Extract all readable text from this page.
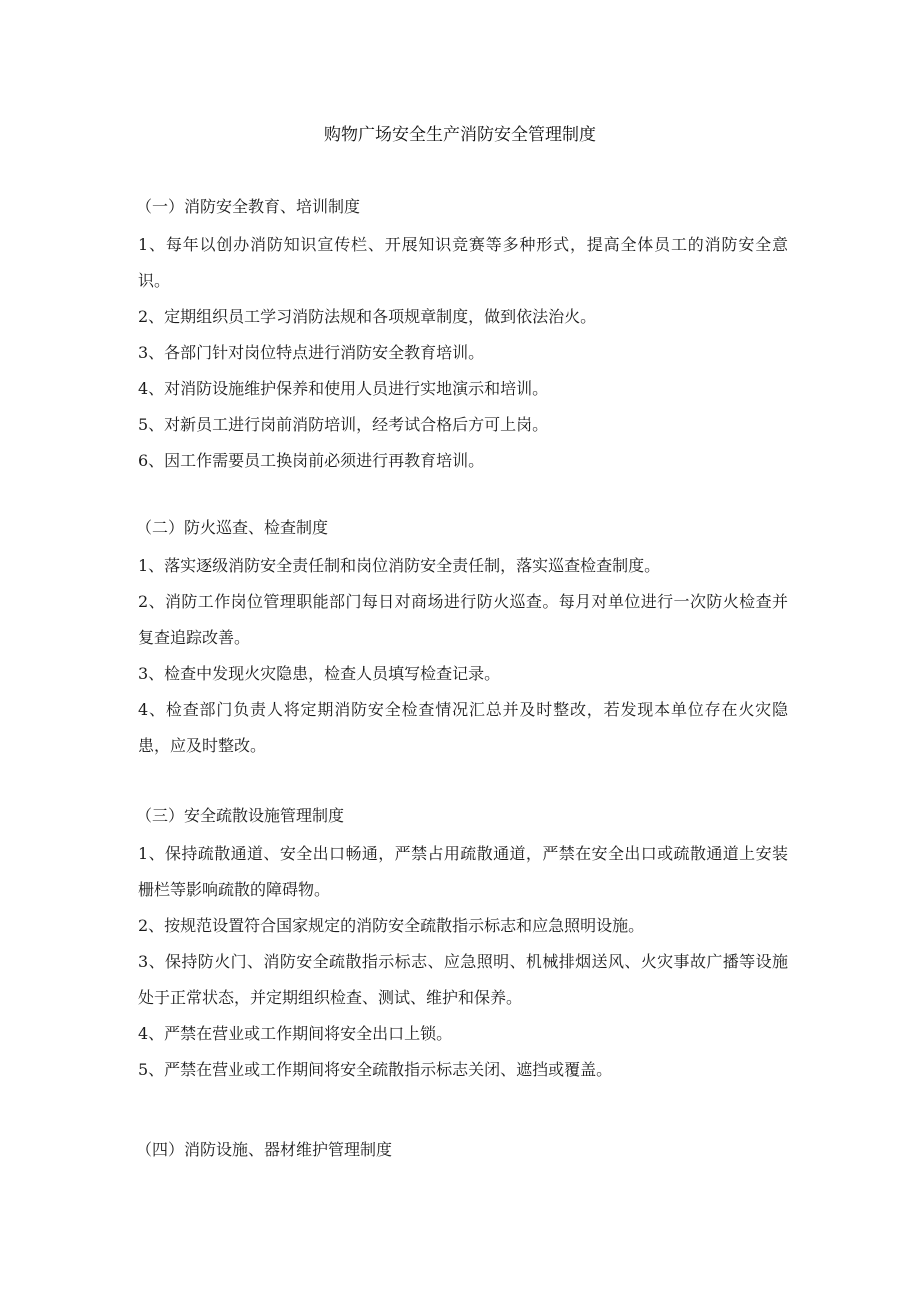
购物广场安全生产消防安全管理制度
（一）消防安全教育、培训制度

1、每年以创办消防知识宣传栏、开展知识竞赛等多种形式，提高全体员工的消防安全意识。

2、定期组织员工学习消防法规和各项规章制度，做到依法治火。

3、各部门针对岗位特点进行消防安全教育培训。

4、对消防设施维护保养和使用人员进行实地演示和培训。

5、对新员工进行岗前消防培训，经考试合格后方可上岗。

6、因工作需要员工换岗前必须进行再教育培训。

（二）防火巡查、检查制度

1、落实逐级消防安全责任制和岗位消防安全责任制，落实巡查检查制度。

2、消防工作岗位管理职能部门每日对商场进行防火巡查。每月对单位进行一次防火检查并复查追踪改善。

3、检查中发现火灾隐患，检查人员填写检查记录。

4、检查部门负责人将定期消防安全检查情况汇总并及时整改，若发现本单位存在火灾隐患，应及时整改。

（三）安全疏散设施管理制度

1、保持疏散通道、安全出口畅通，严禁占用疏散通道，严禁在安全出口或疏散通道上安装栅栏等影响疏散的障碍物。

2、按规范设置符合国家规定的消防安全疏散指示标志和应急照明设施。

3、保持防火门、消防安全疏散指示标志、应急照明、机械排烟送风、火灾事故广播等设施处于正常状态，并定期组织检查、测试、维护和保养。

4、严禁在营业或工作期间将安全出口上锁。

5、严禁在营业或工作期间将安全疏散指示标志关闭、遮挡或覆盖。

（四）消防设施、器材维护管理制度
